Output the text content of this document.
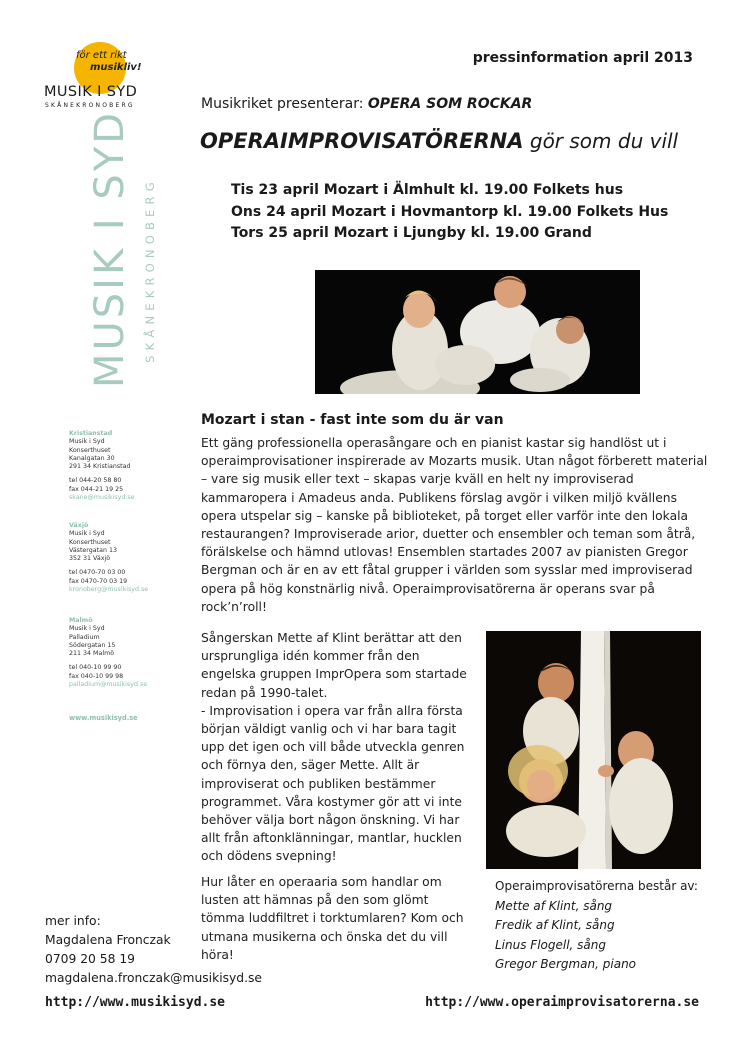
för ett rikt
musikliv!
MUSIK I SYD
SKÅNEKRONOBERG
pressinformation april 2013
Musikriket presenterar: OPERA SOM ROCKAR
OPERAIMPROVISATÖRERNA gör som du vill
Tis 23 april Mozart i Älmhult kl. 19.00 Folkets hus
Ons 24 april Mozart i Hovmantorp kl. 19.00 Folkets Hus
Tors 25 april Mozart i Ljungby kl. 19.00 Grand
MUSIK I SYD SKÅNEKRONOBERG
Kristianstad
Musik i Syd
Konserthuset
Kanalgatan 30
291 34 Kristianstad
tel 044-20 58 80
fax 044-21 19 25
skane@musikisyd.se
Växjö
Musik i Syd
Konserthuset
Västergatan 13
352 31 Växjö
tel 0470-70 03 00
fax 0470-70 03 19
kronoberg@musikisyd.se
Malmö
Musik i Syd
Palladium
Södergatan 15
211 34 Malmö
tel 040-10 99 90
fax 040-10 99 98
palladium@musikisyd.se
www.musikisyd.se
Mozart i stan - fast inte som du är van
Ett gäng professionella operasångare och en pianist kastar sig handlöst ut i operaimprovisationer inspirerade av Mozarts musik. Utan något förberett material – vare sig musik eller text – skapas varje kväll en helt ny improviserad kammaropera i Amadeus anda. Publikens förslag avgör i vilken miljö kvällens opera utspelar sig – kanske på biblioteket, på torget eller varför inte den lokala restaurangen? Improviserade arior, duetter och ensembler och teman som åtrå, förälskelse och hämnd utlovas! Ensemblen startades 2007 av pianisten Gregor Bergman och är en av ett fåtal grupper i världen som sysslar med improviserad opera på hög konstnärlig nivå. Operaimprovisatörerna är operans svar på rock’n’roll!
Sångerskan Mette af Klint berättar att den ursprungliga idén kommer från den engelska gruppen ImprOpera som startade redan på 1990-talet.
- Improvisation i opera var från allra första början väldigt vanlig och vi har bara tagit upp det igen och vill både utveckla genren och förnya den, säger Mette. Allt är improviserat och publiken bestämmer programmet. Våra kostymer gör att vi inte behöver välja bort någon önskning. Vi har allt från aftonklänningar, mantlar, hucklen och dödens svepning!
Hur låter en operaaria som handlar om lusten att hämnas på den som glömt tömma luddfiltret i torktumlaren? Kom och utmana musikerna och önska det du vill höra!
Operaimprovisatörerna består av:
Mette af Klint, sång
Fredik af Klint, sång
Linus Flogell, sång
Gregor Bergman, piano
mer info:
Magdalena Fronczak
0709 20 58 19
magdalena.fronczak@musikisyd.se
http://www.musikisyd.se	http://www.operaimprovisatorerna.se
